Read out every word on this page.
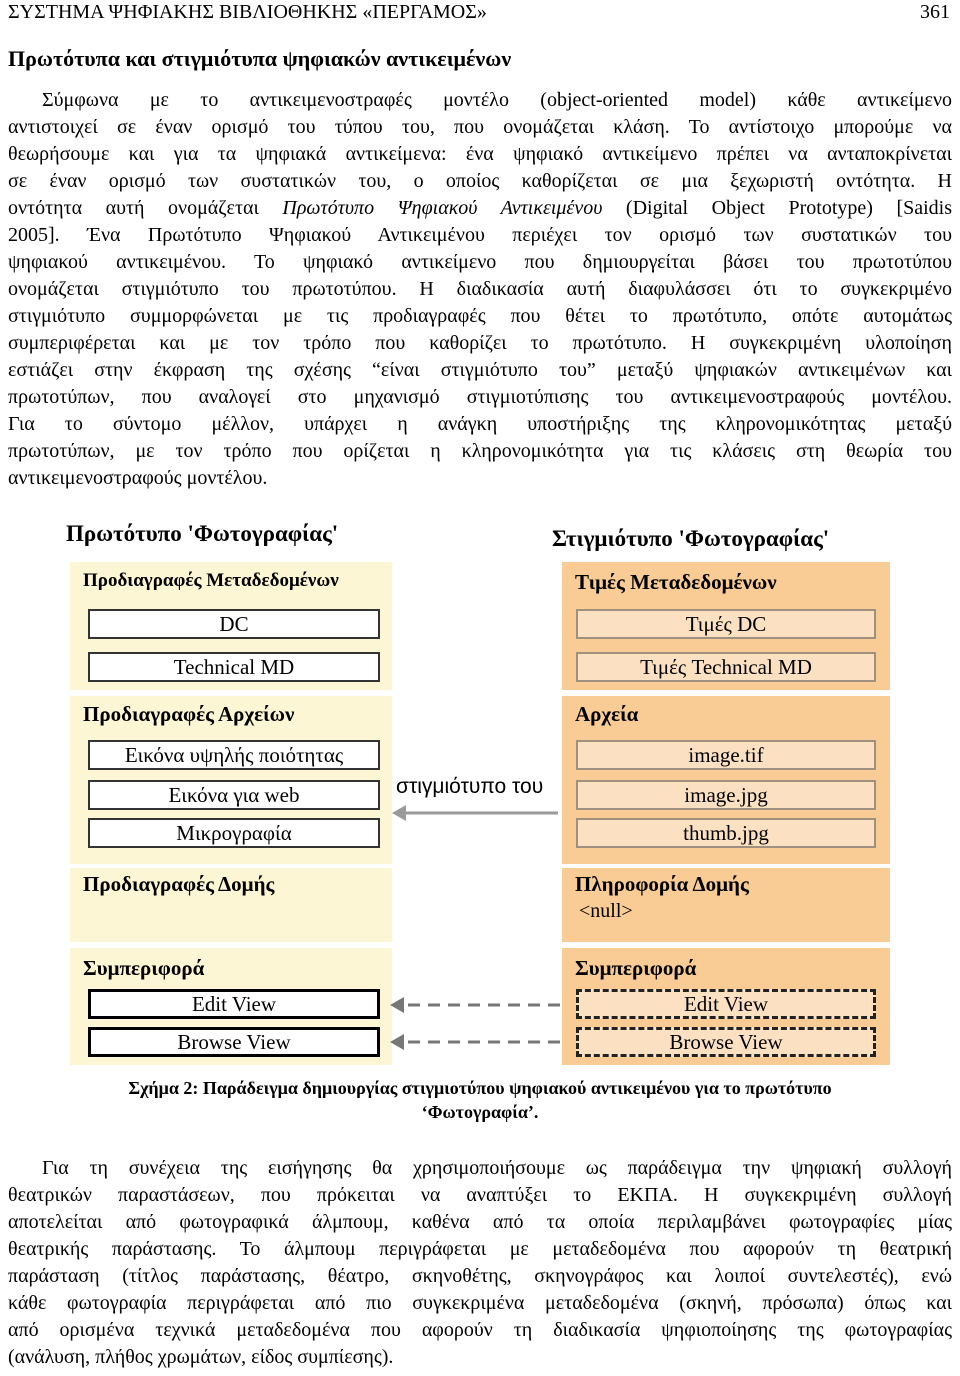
ΣΥΣΤΗΜΑ ΨΗΦΙΑΚΗΣ ΒΙΒΛΙΟΘΗΚΗΣ «ΠΕΡΓΑΜΟΣ»	361
Πρωτότυπα και στιγμιότυπα ψηφιακών αντικειμένων
Σύμφωνα με το αντικειμενοστραφές μοντέλο (object-oriented model) κάθε αντικείμενο
αντιστοιχεί σε έναν ορισμό του τύπου του, που ονομάζεται κλάση. Το αντίστοιχο μπορούμε να
θεωρήσουμε και για τα ψηφιακά αντικείμενα: ένα ψηφιακό αντικείμενο πρέπει να ανταποκρίνεται
σε έναν ορισμό των συστατικών του, ο οποίος καθορίζεται σε μια ξεχωριστή οντότητα. Η
οντότητα αυτή ονομάζεται Πρωτότυπο Ψηφιακού Αντικειμένου (Digital Object Prototype) [Saidis
2005]. Ένα Πρωτότυπο Ψηφιακού Αντικειμένου περιέχει τον ορισμό των συστατικών του
ψηφιακού αντικειμένου. Το ψηφιακό αντικείμενο που δημιουργείται βάσει του πρωτοτύπου
ονομάζεται στιγμιότυπο του πρωτοτύπου. Η διαδικασία αυτή διαφυλάσσει ότι το συγκεκριμένο
στιγμιότυπο συμμορφώνεται με τις προδιαγραφές που θέτει το πρωτότυπο, οπότε αυτομάτως
συμπεριφέρεται και με τον τρόπο που καθορίζει το πρωτότυπο. Η συγκεκριμένη υλοποίηση
εστιάζει στην έκφραση της σχέσης “είναι στιγμιότυπο του” μεταξύ ψηφιακών αντικειμένων και
πρωτοτύπων, που αναλογεί στο μηχανισμό στιγμιοτύπισης του αντικειμενοστραφούς μοντέλου.
Για το σύντομο μέλλον, υπάρχει η ανάγκη υποστήριξης της κληρονομικότητας μεταξύ
πρωτοτύπων, με τον τρόπο που ορίζεται η κληρονομικότητα για τις κλάσεις στη θεωρία του
αντικειμενοστραφούς μοντέλου.
Πρωτότυπο 'Φωτογραφίας'	Στιγμιότυπο 'Φωτογραφίας'
Προδιαγραφές Μεταδεδομένων
DC
Technical MD
Προδιαγραφές Αρχείων
Εικόνα υψηλής ποιότητας
Εικόνα για web
Μικρογραφία
Προδιαγραφές Δομής
Συμπεριφορά
Edit View
Browse View
Τιμές Μεταδεδομένων
Τιμές DC
Τιμές Technical MD
Αρχεία
image.tif
image.jpg
thumb.jpg
Πληροφορία Δομής
<null>
Συμπεριφορά
Edit View
Browse View
στιγμιότυπο του
Σχήμα 2: Παράδειγμα δημιουργίας στιγμιοτύπου ψηφιακού αντικειμένου για το πρωτότυπο
‘Φωτογραφία’.
Για τη συνέχεια της εισήγησης θα χρησιμοποιήσουμε ως παράδειγμα την ψηφιακή συλλογή
θεατρικών παραστάσεων, που πρόκειται να αναπτύξει το ΕΚΠΑ. Η συγκεκριμένη συλλογή
αποτελείται από φωτογραφικά άλμπουμ, καθένα από τα οποία περιλαμβάνει φωτογραφίες μίας
θεατρικής παράστασης. Το άλμπουμ περιγράφεται με μεταδεδομένα που αφορούν τη θεατρική
παράσταση (τίτλος παράστασης, θέατρο, σκηνοθέτης, σκηνογράφος και λοιποί συντελεστές), ενώ
κάθε φωτογραφία περιγράφεται από πιο συγκεκριμένα μεταδεδομένα (σκηνή, πρόσωπα) όπως και
από ορισμένα τεχνικά μεταδεδομένα που αφορούν τη διαδικασία ψηφιοποίησης της φωτογραφίας
(ανάλυση, πλήθος χρωμάτων, είδος συμπίεσης).
